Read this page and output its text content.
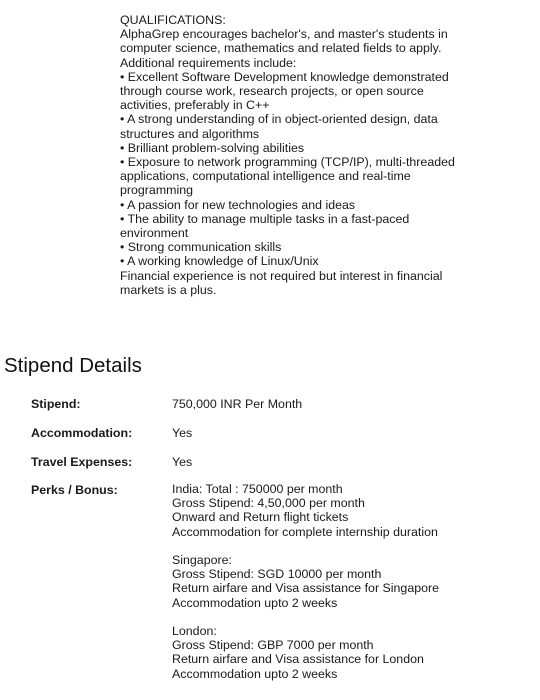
QUALIFICATIONS:
AlphaGrep encourages bachelor's, and master's students in
computer science, mathematics and related fields to apply.
Additional requirements include:
• Excellent Software Development knowledge demonstrated
through course work, research projects, or open source
activities, preferably in C++
• A strong understanding of in object-oriented design, data
structures and algorithms
• Brilliant problem-solving abilities
• Exposure to network programming (TCP/IP), multi-threaded
applications, computational intelligence and real-time
programming
• A passion for new technologies and ideas
• The ability to manage multiple tasks in a fast-paced
environment
• Strong communication skills
• A working knowledge of Linux/Unix
Financial experience is not required but interest in financial
markets is a plus.
Stipend Details
Stipend:	750,000 INR Per Month
Accommodation:	Yes
Travel Expenses:	Yes
Perks / Bonus:	India: Total : 750000 per month
Gross Stipend: 4,50,000 per month
Onward and Return flight tickets
Accommodation for complete internship duration
Singapore:
Gross Stipend: SGD 10000 per month
Return airfare and Visa assistance for Singapore
Accommodation upto 2 weeks
London:
Gross Stipend: GBP 7000 per month
Return airfare and Visa assistance for London
Accommodation upto 2 weeks
